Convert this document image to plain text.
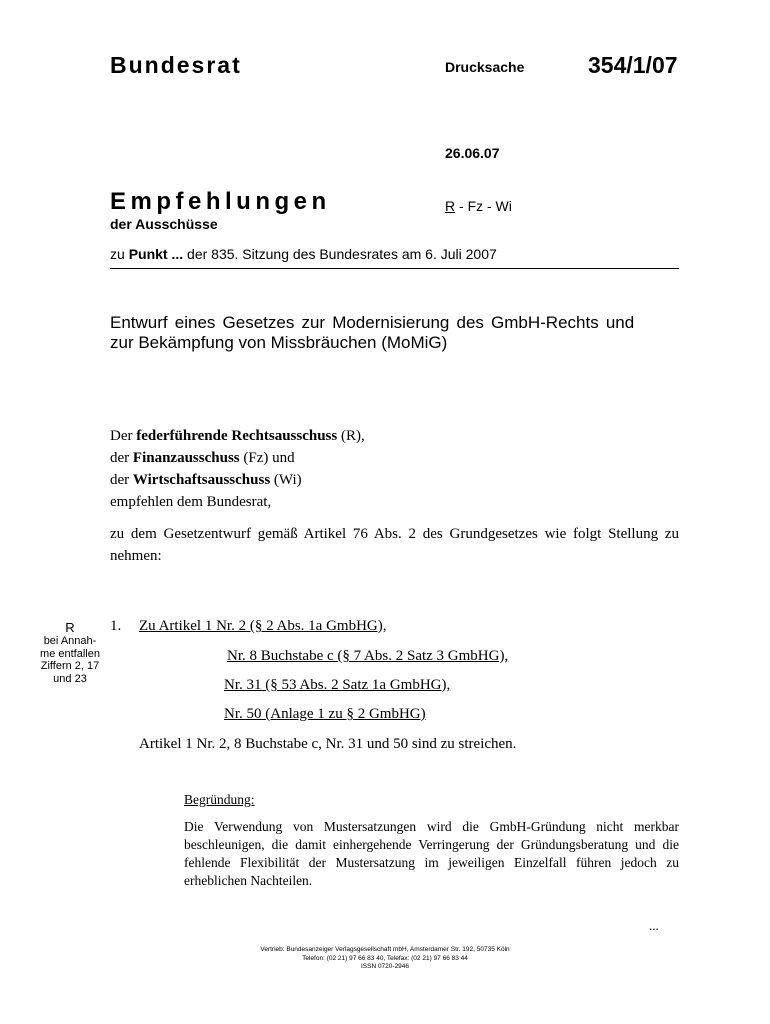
Bundesrat	Drucksache	354/1/07
26.06.07
Empfehlungen	R - Fz - Wi
der Ausschüsse
zu Punkt ... der 835. Sitzung des Bundesrates am 6. Juli 2007
Entwurf eines Gesetzes zur Modernisierung des GmbH-Rechts und
zur Bekämpfung von Missbräuchen (MoMiG)
Der federführende Rechtsausschuss (R),
der Finanzausschuss (Fz) und
der Wirtschaftsausschuss (Wi)
empfehlen dem Bundesrat,
zu dem Gesetzentwurf gemäß Artikel 76 Abs. 2 des Grundgesetzes wie folgt Stellung zu nehmen:
R
bei Annah-
me entfallen
Ziffern 2, 17
und 23
1. Zu Artikel 1 Nr. 2 (§ 2 Abs. 1a GmbHG),
Nr. 8 Buchstabe c (§ 7 Abs. 2 Satz 3 GmbHG),
Nr. 31 (§ 53 Abs. 2 Satz 1a GmbHG),
Nr. 50 (Anlage 1 zu § 2 GmbHG)
Artikel 1 Nr. 2, 8 Buchstabe c, Nr. 31 und 50 sind zu streichen.
Begründung:
Die Verwendung von Mustersatzungen wird die GmbH-Gründung nicht merkbar beschleunigen, die damit einhergehende Verringerung der Gründungsberatung und die fehlende Flexibilität der Mustersatzung im jeweiligen Einzelfall führen jedoch zu erheblichen Nachteilen.
...
Vertrieb: Bundesanzeiger Verlagsgesellschaft mbH, Amsterdamer Str. 192, 50735 Köln
Telefon: (02 21) 97 66 83 40, Telefax: (02 21) 97 66 83 44
ISSN 0720-2946
